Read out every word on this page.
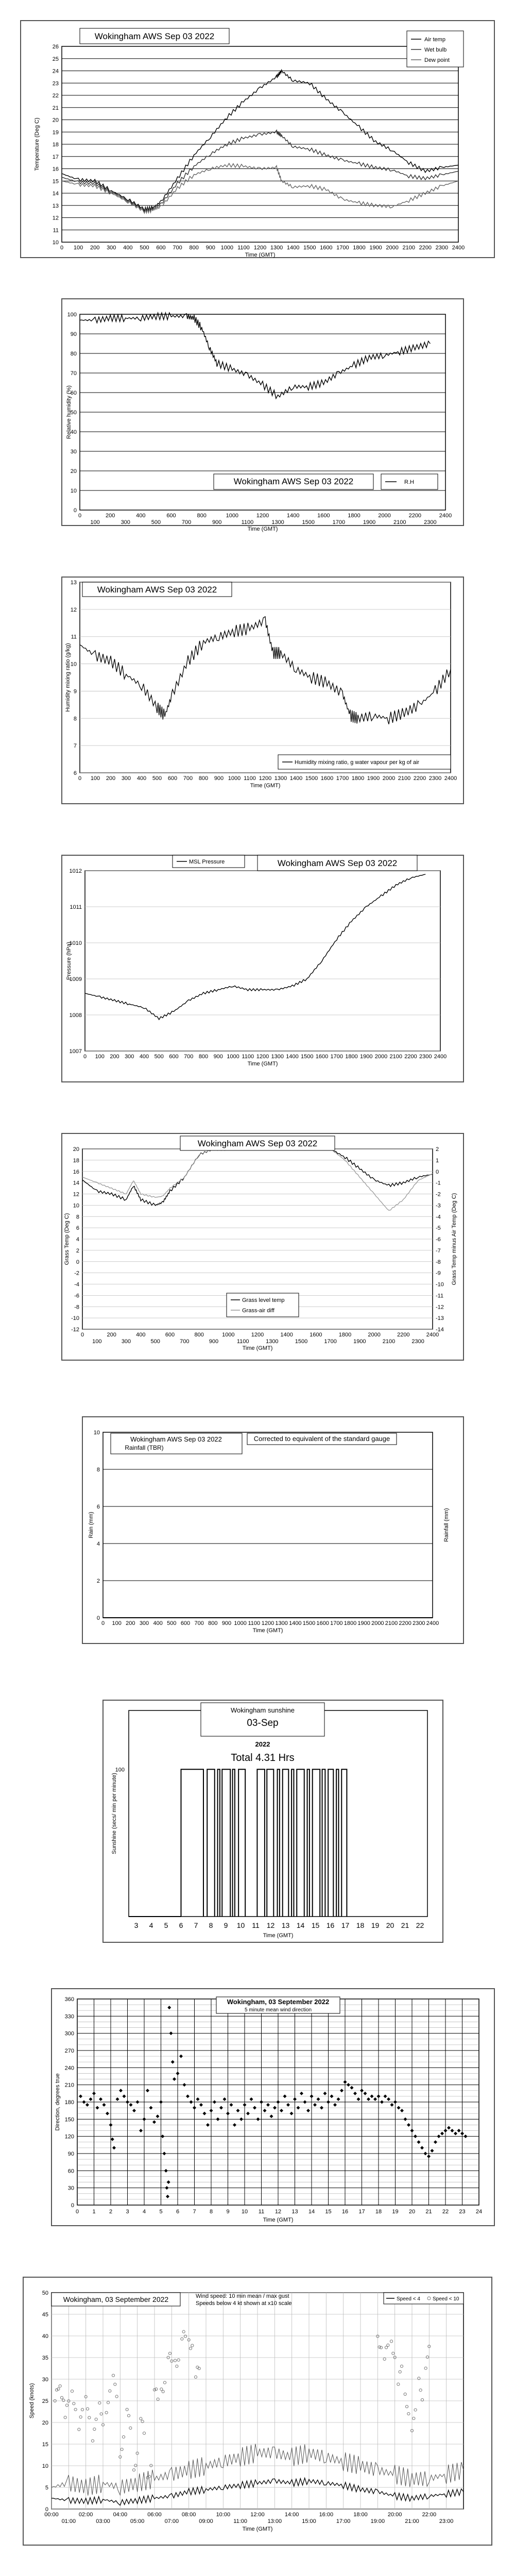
10
11
12
13
14
15
16
17
18
19
20
21
22
23
24
25
26
0 100 200 300 400 500 600 700 800 900 1000 1100 1200 1300 1400 1500 1600 1700 1800 1900 2000 2100 2200 2300 2400
Wokingham AWS Sep 03 2022	Air temp
Wet bulb
Dew point
Temperature (Deg C)
Time (GMT)
0
10
20
30
40
50
60
70
80
90
100
0	200	400	600	800	1000	1200	1400	1600	1800	2000	2200	2400
100	300	500	700	900	1100	1300	1500	1700	1900	2100	2300
Wokingham AWS Sep 03 2022	R.H
Relative humidity (%)
Time (GMT)
6
7
8
9
10
11
12
13
0 100 200 300 400 500 600 700 800 900 1000 1100 1200 1300 1400 1500 1600 1700 1800 1900 2000 2100 2200 2300 2400
Wokingham AWS Sep 03 2022
Humidity mixing ratio, g water vapour per kg of air
Humidity mixing ratio (g/kg)
Time (GMT)
1007
1008
1009
1010
1011
1012
0 100 200 300 400 500 600 700 800 900 1000 1100 1200 1300 1400 1500 1600 1700 1800 1900 2000 2100 2200 2300 2400
MSL Pressure	Wokingham AWS Sep 03 2022
Pressure (hPa)
Time (GMT)
20
18
16
14
12
10
8
6
4
2
0
-2
-4
-6
-8
-10
-12
2
1
0
-1
-2
-3
-4
-5
-6
-7
-8
-9
-10
-11
-12
-13
-14
0	200	400	600	800	1000	1200	1400	1600	1800	2000	2200	2400
100	300	500	700	900	1100	1300	1500	1700	1900	2100	2300
Wokingham AWS Sep 03 2022
Grass level temp
Grass-air diff
Grass Temp (Deg C)	Grass Temp minus Air Temp (Deg C)
Time (GMT)
0
2
4
6
8
10
0 100 200 300 400 500 600 700 800 900 1000 1100 1200 1300 1400 1500 1600 1700 1800 1900 2000 2100 2200 2300 2400
Wokingham AWS Sep 03 2022
Rainfall (TBR)
Corrected to equivalent of the standard gauge
Rain (mm)	Rainfall (mm)
Time (GMT)
100
3 4 5 6 7 8 9 10 11 12 13 14 15 16 17 18 19 20 21 22
Wokingham sunshine
03-Sep
2022
Total 4.31 Hrs
Sunshine (secs/ min per minute)
Time (GMT)
0
30
60
90
120
150
180
210
240
270
300
330
360
0 1 2 3 4 5 6 7 8 9 10 11 12 13 14 15 16 17 18 19 20 21 22 23 24
Wokingham, 03 September 2022
5 minute mean wind direction
Direction, degrees true
Time (GMT)
0
5
10
15
20
25
30
35
40
45
50
00:00	02:00	04:00	06:00	08:00	10:00	12:00	14:00	16:00	18:00	20:00	22:00
01:00	03:00	05:00	07:00	09:00	11:00	13:00	15:00	17:00	19:00	21:00	23:00
Wokingham, 03 September 2022	Wind speed: 10 min mean / max gust
Speeds below 4 kt shown at x10 scale
Speed < 4 Speed < 10
Speed (knots)
Time (GMT)
